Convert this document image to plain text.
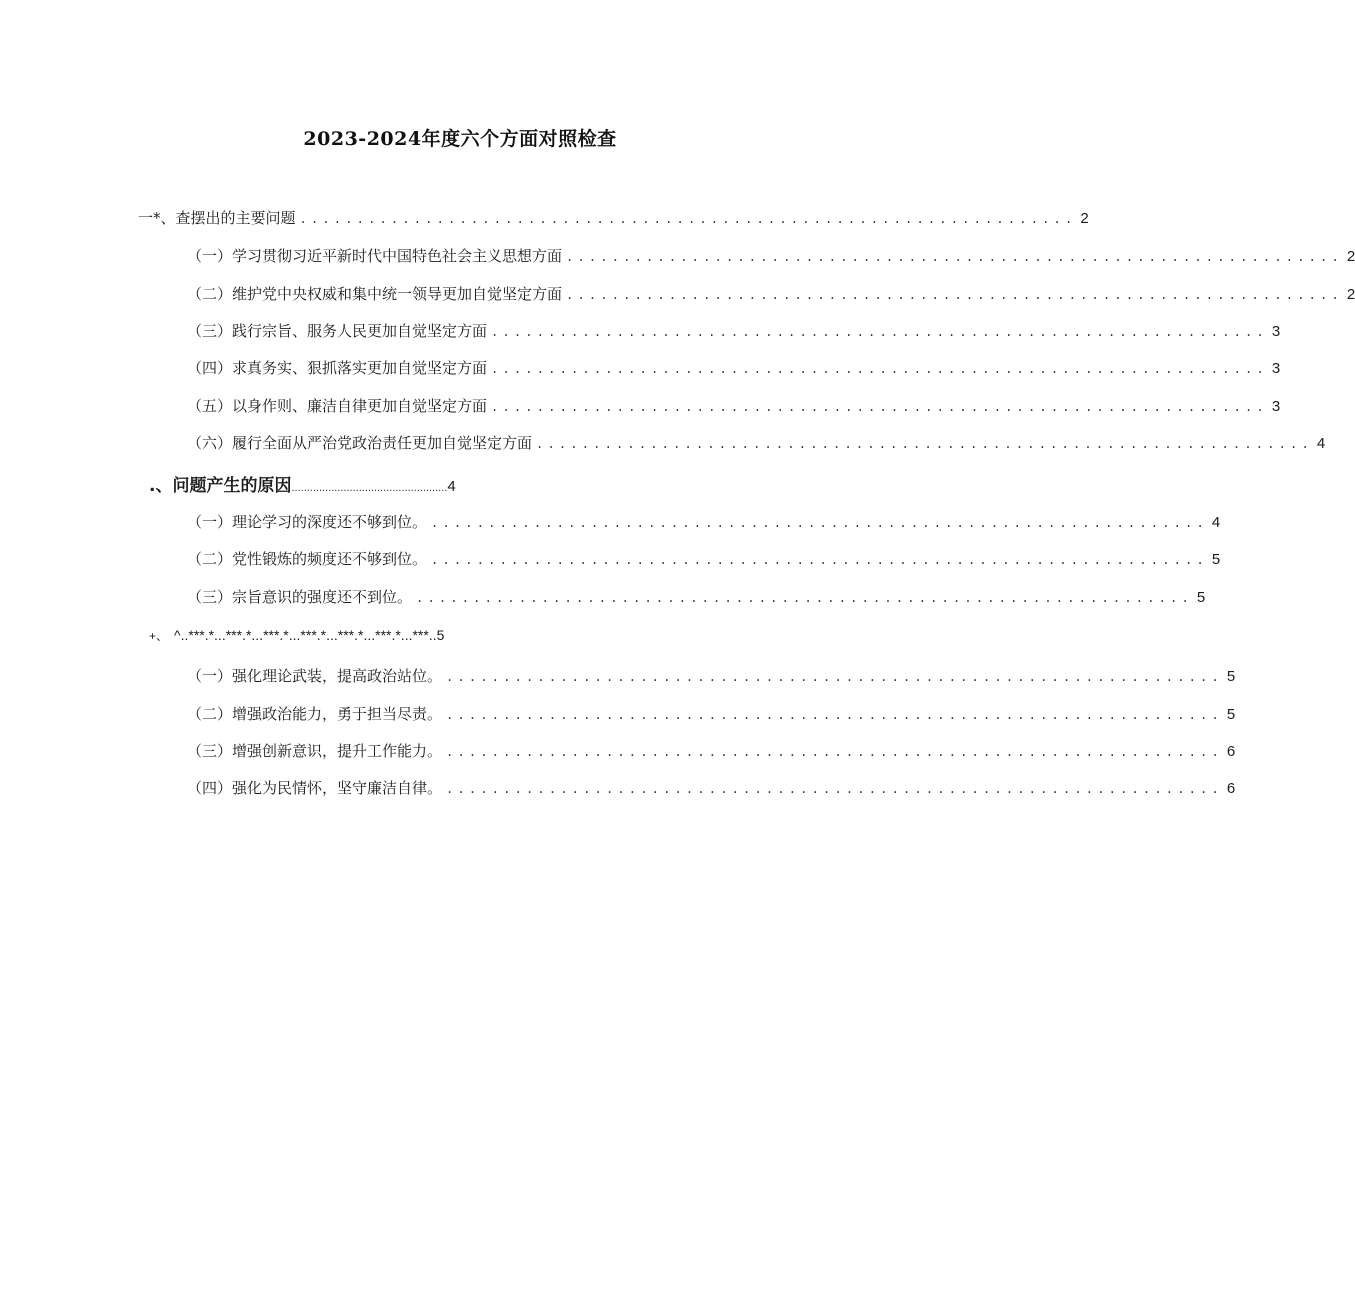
2023-2024年度六个方面对照检查
一*、查摆出的主要问题 .................................................................... 2
（一）学习贯彻习近平新时代中国特色社会主义思想方面 .................................................................... 2
（二）维护党中央权威和集中统一领导更加自觉坚定方面 .................................................................... 2
（三）践行宗旨、服务人民更加自觉坚定方面 .................................................................... 3
（四）求真务实、狠抓落实更加自觉坚定方面 .................................................................... 3
（五）以身作则、廉洁自律更加自觉坚定方面 .................................................................... 3
（六）履行全面从严治党政治责任更加自觉坚定方面 .................................................................... 4
.、 问题产生的原因 ................................................... 4
（一）理论学习的深度还不够到位。 .................................................................... 4
（二）党性锻炼的频度还不够到位。 .................................................................... 5
（三）宗旨意识的强度还不到位。 .................................................................... 5
+、 ^..***.*...***.*...***.*...***.*...***.*...***.*...***..5
（一）强化理论武装，提高政治站位。 .................................................................... 5
（二）增强政治能力，勇于担当尽责。 .................................................................... 5
（三）增强创新意识，提升工作能力。 .................................................................... 6
（四）强化为民情怀，坚守廉洁自律。 .................................................................... 6
